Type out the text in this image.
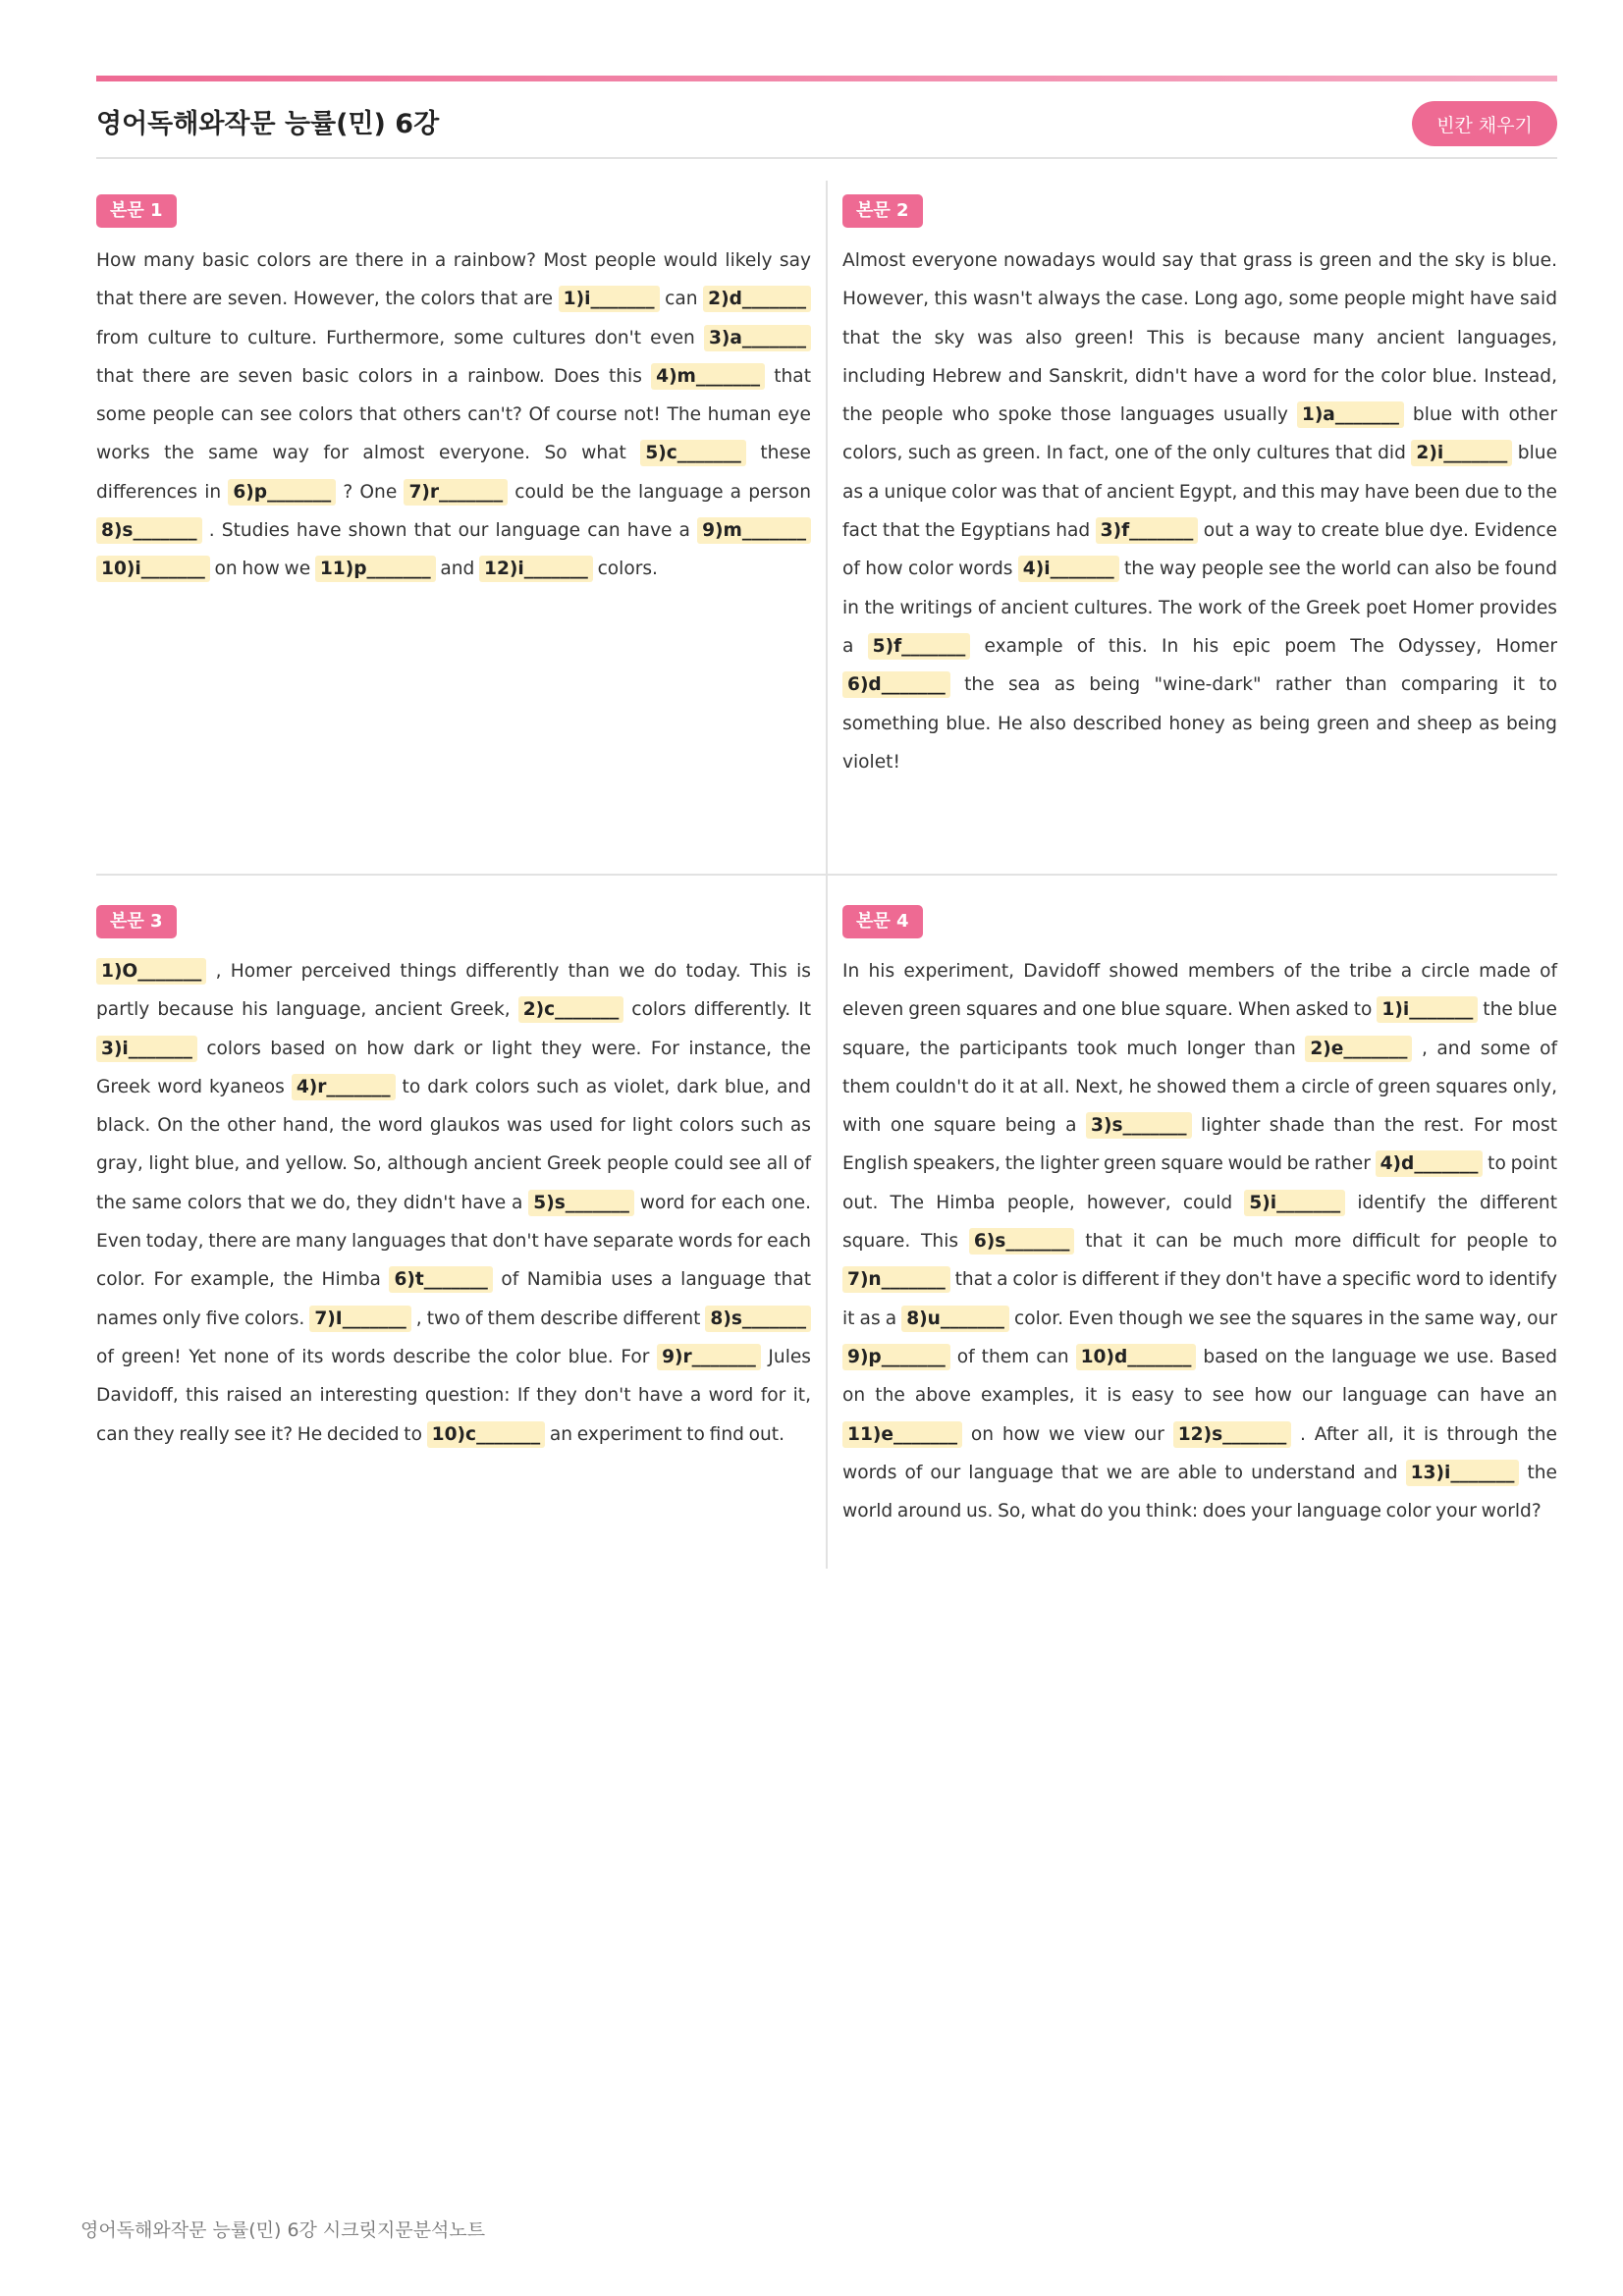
영어독해와작문 능률(민) 6강	빈칸 채우기
본문 1

How many basic colors are there in a rainbow? Most people would likely say that there are seven. However, the colors that are 1)i_______ can 2)d_______ from culture to culture. Furthermore, some cultures don't even 3)a_______ that there are seven basic colors in a rainbow. Does this 4)m_______ that some people can see colors that others can't? Of course not! The human eye works the same way for almost everyone. So what 5)c_______ these differences in 6)p_______ ? One 7)r_______ could be the language a person 8)s_______ . Studies have shown that our language can have a 9)m_______ 10)i_______ on how we 11)p_______ and 12)i_______ colors.

본문 2

Almost everyone nowadays would say that grass is green and the sky is blue. However, this wasn't always the case. Long ago, some people might have said that the sky was also green! This is because many ancient languages, including Hebrew and Sanskrit, didn't have a word for the color blue. Instead, the people who spoke those languages usually 1)a_______ blue with other colors, such as green. In fact, one of the only cultures that did 2)i_______ blue as a unique color was that of ancient Egypt, and this may have been due to the fact that the Egyptians had 3)f_______ out a way to create blue dye. Evidence of how color words 4)i_______ the way people see the world can also be found in the writings of ancient cultures. The work of the Greek poet Homer provides a 5)f_______ example of this. In his epic poem The Odyssey, Homer 6)d_______ the sea as being "wine-dark" rather than comparing it to something blue. He also described honey as being green and sheep as being violet!

본문 3

1)O_______ , Homer perceived things differently than we do today. This is partly because his language, ancient Greek, 2)c_______ colors differently. It 3)i_______ colors based on how dark or light they were. For instance, the Greek word kyaneos 4)r_______ to dark colors such as violet, dark blue, and black. On the other hand, the word glaukos was used for light colors such as gray, light blue, and yellow. So, although ancient Greek people could see all of the same colors that we do, they didn't have a 5)s_______ word for each one. Even today, there are many languages that don't have separate words for each color. For example, the Himba 6)t_______ of Namibia uses a language that names only five colors. 7)I_______ , two of them describe different 8)s_______ of green! Yet none of its words describe the color blue. For 9)r_______ Jules Davidoff, this raised an interesting question: If they don't have a word for it, can they really see it? He decided to 10)c_______ an experiment to find out.

본문 4

In his experiment, Davidoff showed members of the tribe a circle made of eleven green squares and one blue square. When asked to 1)i_______ the blue square, the participants took much longer than 2)e_______ , and some of them couldn't do it at all. Next, he showed them a circle of green squares only, with one square being a 3)s_______ lighter shade than the rest. For most English speakers, the lighter green square would be rather 4)d_______ to point out. The Himba people, however, could 5)i_______ identify the different square. This 6)s_______ that it can be much more difficult for people to 7)n_______ that a color is different if they don't have a specific word to identify it as a 8)u_______ color. Even though we see the squares in the same way, our 9)p_______ of them can 10)d_______ based on the language we use. Based on the above examples, it is easy to see how our language can have an 11)e_______ on how we view our 12)s_______ . After all, it is through the words of our language that we are able to understand and 13)i_______ the world around us. So, what do you think: does your language color your world?

영어독해와작문 능률(민) 6강 시크릿지문분석노트
